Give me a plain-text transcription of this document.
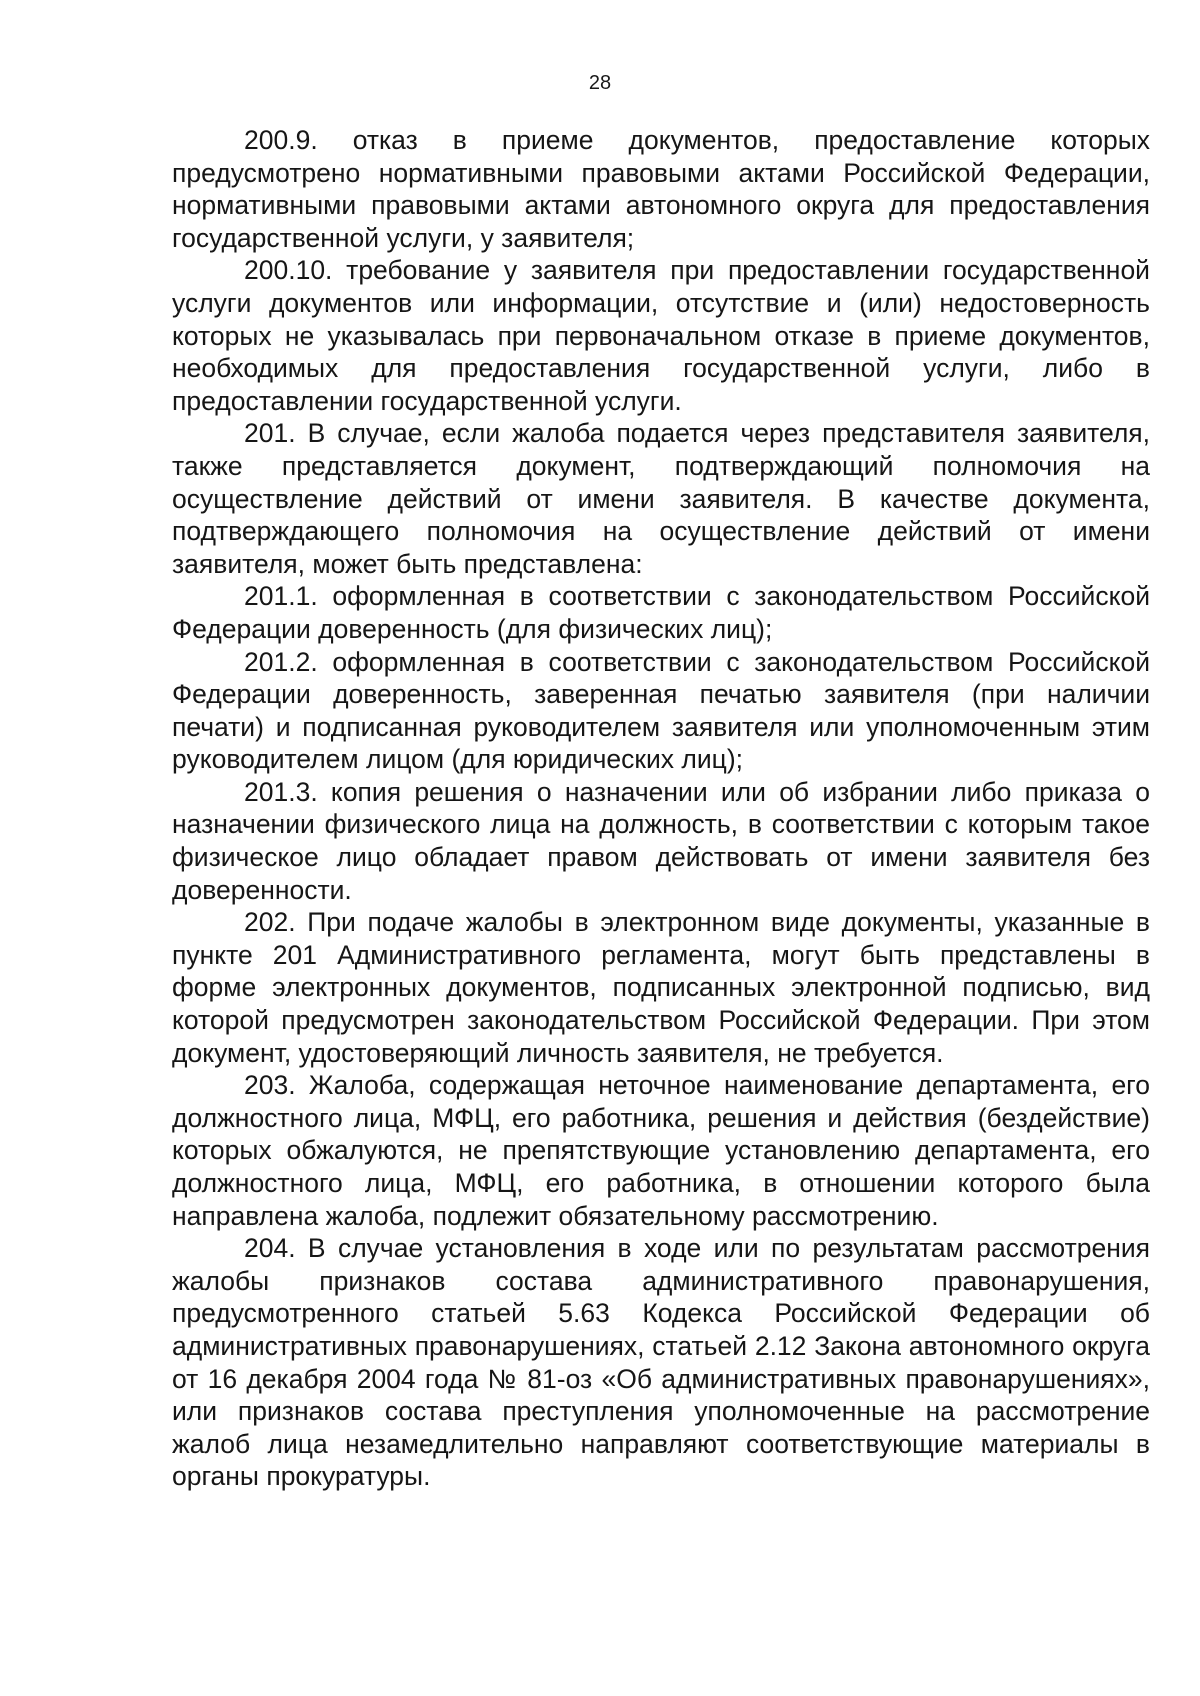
28

200.9. отказ в приеме документов, предоставление которых предусмотрено нормативными правовыми актами Российской Федерации, нормативными правовыми актами автономного округа для предоставления государственной услуги, у заявителя;

200.10. требование у заявителя при предоставлении государственной услуги документов или информации, отсутствие и (или) недостоверность которых не указывалась при первоначальном отказе в приеме документов, необходимых для предоставления государственной услуги, либо в предоставлении государственной услуги.

201. В случае, если жалоба подается через представителя заявителя, также представляется документ, подтверждающий полномочия на осуществление действий от имени заявителя. В качестве документа, подтверждающего полномочия на осуществление действий от имени заявителя, может быть представлена:

201.1. оформленная в соответствии с законодательством Российской Федерации доверенность (для физических лиц);

201.2. оформленная в соответствии с законодательством Российской Федерации доверенность, заверенная печатью заявителя (при наличии печати) и подписанная руководителем заявителя или уполномоченным этим руководителем лицом (для юридических лиц);

201.3. копия решения о назначении или об избрании либо приказа о назначении физического лица на должность, в соответствии с которым такое физическое лицо обладает правом действовать от имени заявителя без доверенности.

202. При подаче жалобы в электронном виде документы, указанные в пункте 201 Административного регламента, могут быть представлены в форме электронных документов, подписанных электронной подписью, вид которой предусмотрен законодательством Российской Федерации. При этом документ, удостоверяющий личность заявителя, не требуется.

203. Жалоба, содержащая неточное наименование департамента, его должностного лица, МФЦ, его работника, решения и действия (бездействие) которых обжалуются, не препятствующие установлению департамента, его должностного лица, МФЦ, его работника, в отношении которого была направлена жалоба, подлежит обязательному рассмотрению.

204. В случае установления в ходе или по результатам рассмотрения жалобы признаков состава административного правонарушения, предусмотренного статьей 5.63 Кодекса Российской Федерации об административных правонарушениях, статьей 2.12 Закона автономного округа от 16 декабря 2004 года № 81-оз «Об административных правонарушениях», или признаков состава преступления уполномоченные на рассмотрение жалоб лица незамедлительно направляют соответствующие материалы в органы прокуратуры.
